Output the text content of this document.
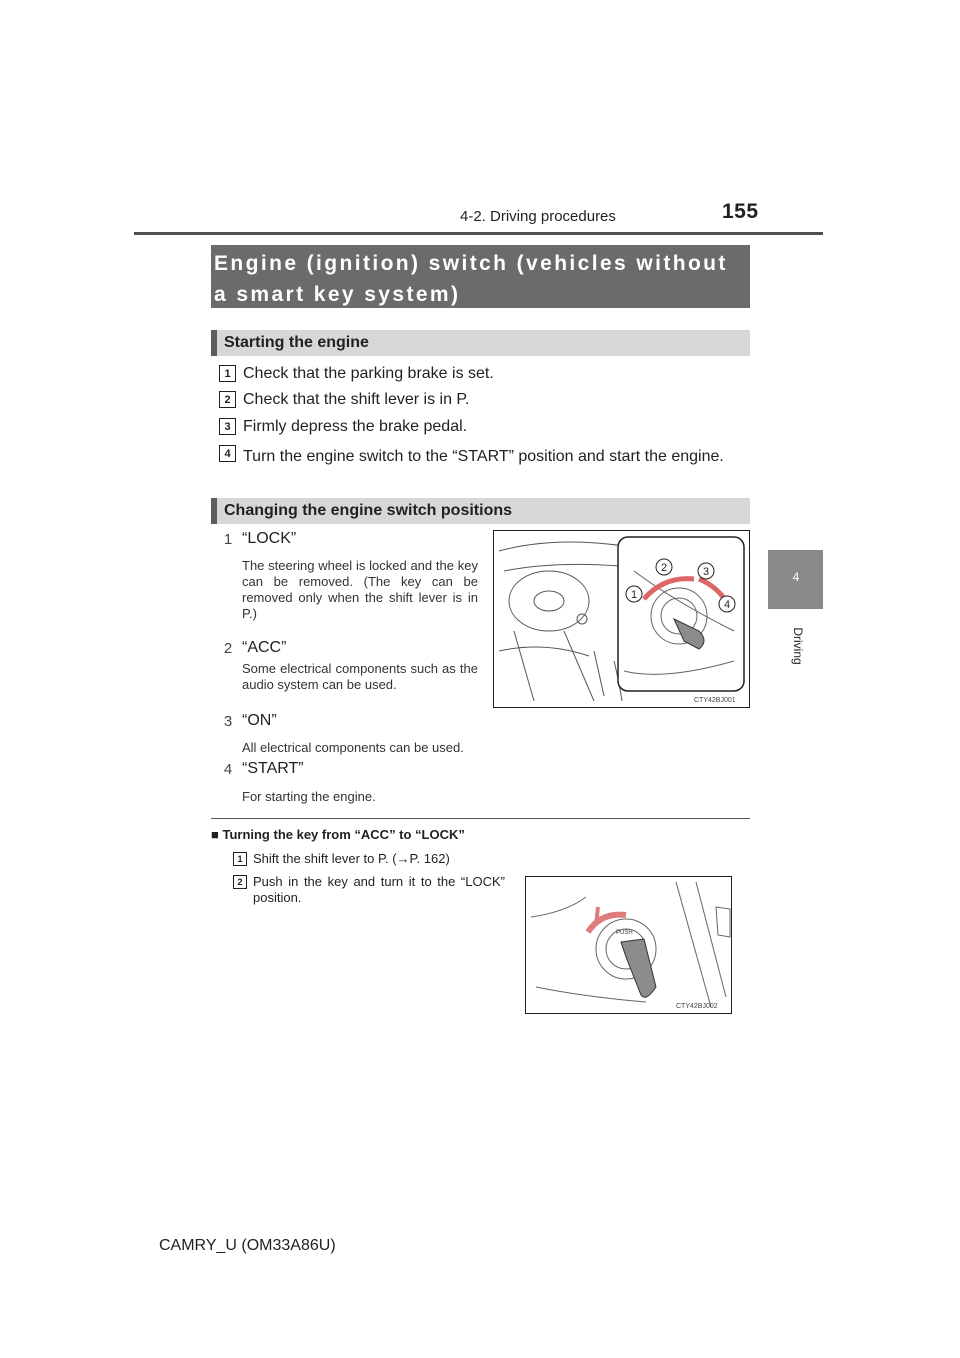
4-2. Driving procedures	155
4
Driving
Engine (ignition) switch (vehicles without a smart key system)
Starting the engine
1 Check that the parking brake is set.
2 Check that the shift lever is in P.
3 Firmly depress the brake pedal.
4 Turn the engine switch to the “START” position and start the engine.
Changing the engine switch positions
1 “LOCK”
The steering wheel is locked and the key can be removed. (The key can be removed only when the shift lever is in P.)
2 “ACC”
Some electrical components such as the audio system can be used.
3 “ON”
All electrical components can be used.
4 “START”
For starting the engine.
1
2	3
4
CTY42BJ001
■ Turning the key from “ACC” to “LOCK”
1 Shift the shift lever to P. (→P. 162)
2 Push in the key and turn it to the “LOCK” position.
PUSH
CTY42BJ002
CAMRY_U (OM33A86U)
